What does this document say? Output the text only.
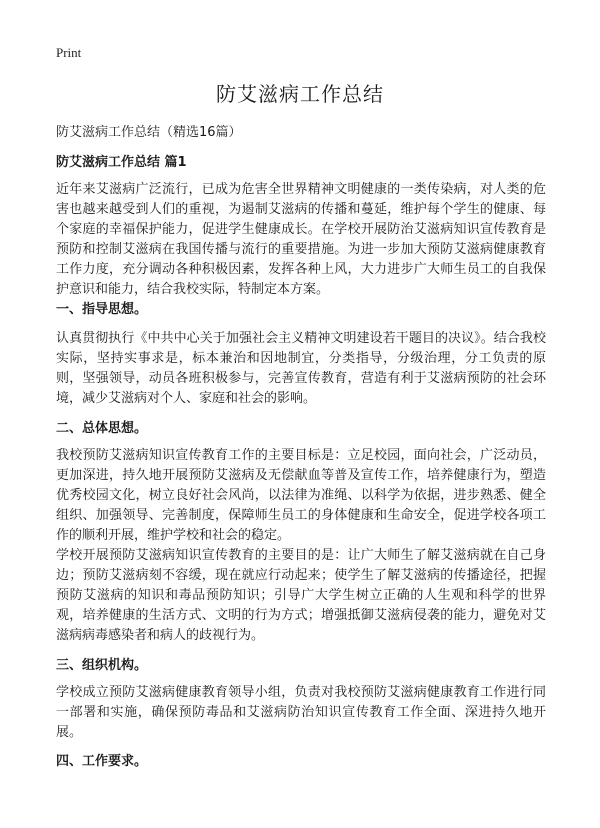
Print
防艾滋病工作总结
防艾滋病工作总结（精选16篇）
防艾滋病工作总结 篇1

近年来艾滋病广泛流行，已成为危害全世界精神文明健康的一类传染病，对人类的危害也越来越受到人们的重视，为遏制艾滋病的传播和蔓延，维护每个学生的健康、每个家庭的幸福保护能力，促进学生健康成长。在学校开展防治艾滋病知识宣传教育是预防和控制艾滋病在我国传播与流行的重要措施。为进一步加大预防艾滋病健康教育工作力度，充分调动各种积极因素，发挥各种上风，大力进步广大师生员工的自我保护意识和能力，结合我校实际，特制定本方案。

一、指导思想。

认真贯彻执行《中共中心关于加强社会主义精神文明建设若干题目的决议》。结合我校实际，坚持实事求是，标本兼治和因地制宜，分类指导，分级治理，分工负责的原则，坚强领导，动员各班积极参与，完善宣传教育，营造有利于艾滋病预防的社会环境，减少艾滋病对个人、家庭和社会的影响。

二、总体思想。

我校预防艾滋病知识宣传教育工作的主要目标是：立足校园，面向社会，广泛动员，更加深进，持久地开展预防艾滋病及无偿献血等普及宣传工作，培养健康行为，塑造优秀校园文化，树立良好社会风尚，以法律为准绳、以科学为依据，进步熟悉、健全组织、加强领导、完善制度，保障师生员工的身体健康和生命安全，促进学校各项工作的顺利开展，维护学校和社会的稳定。

学校开展预防艾滋病知识宣传教育的主要目的是：让广大师生了解艾滋病就在自己身边；预防艾滋病刻不容缓，现在就应行动起来；使学生了解艾滋病的传播途径，把握预防艾滋病的知识和毒品预防知识；引导广大学生树立正确的人生观和科学的世界观，培养健康的生活方式、文明的行为方式；增强抵御艾滋病侵袭的能力，避免对艾滋病病毒感染者和病人的歧视行为。

三、组织机构。

学校成立预防艾滋病健康教育领导小组，负责对我校预防艾滋病健康教育工作进行同一部署和实施，确保预防毒品和艾滋病防治知识宣传教育工作全面、深进持久地开展。

四、工作要求。
